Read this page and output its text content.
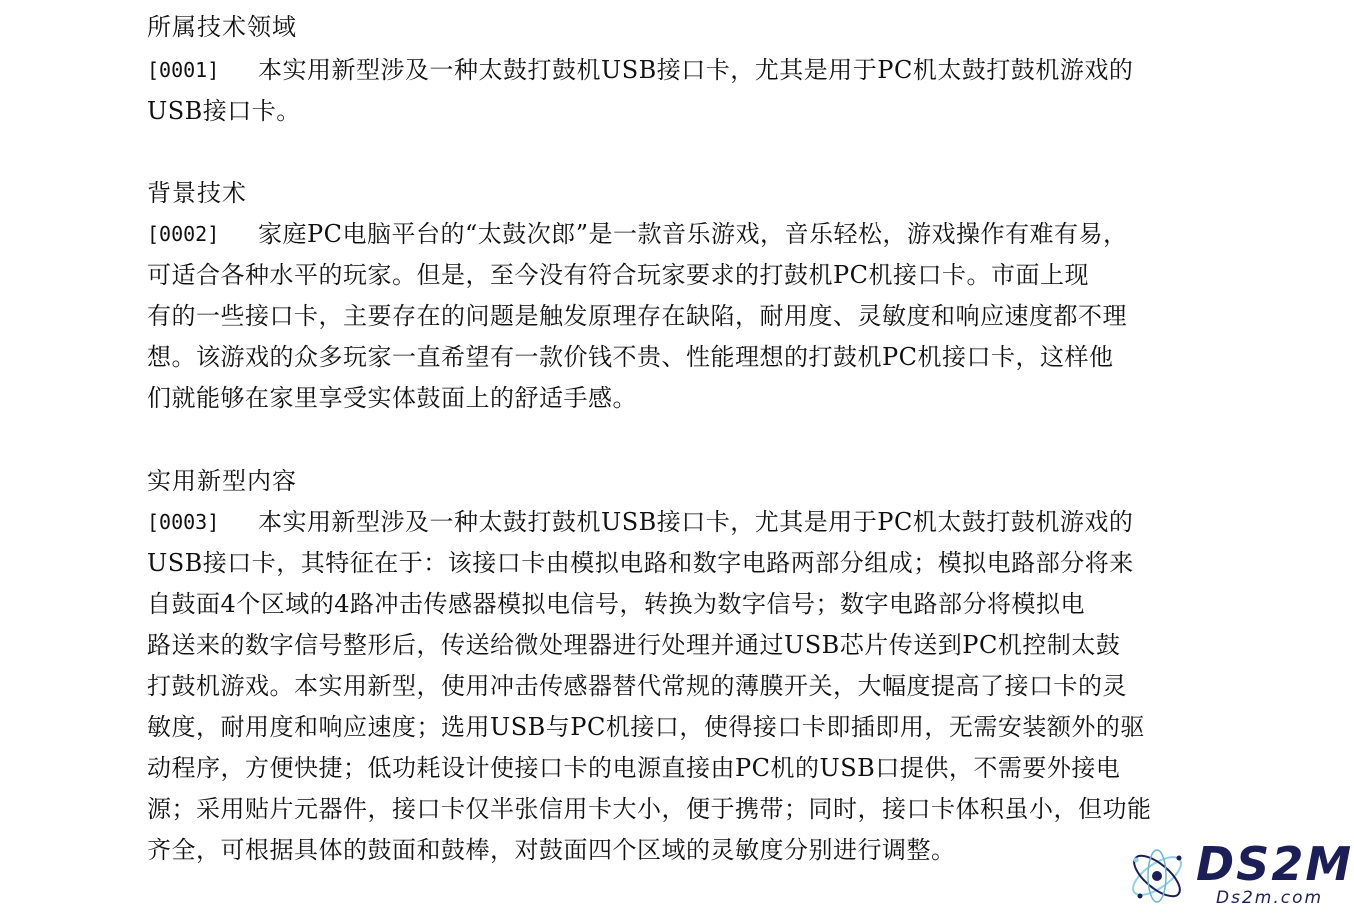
所属技术领域
[0001] 本实用新型涉及一种太鼓打鼓机USB接口卡，尤其是用于PC机太鼓打鼓机游戏的
USB接口卡。
背景技术
[0002] 家庭PC电脑平台的“太鼓次郎”是一款音乐游戏，音乐轻松，游戏操作有难有易，
可适合各种水平的玩家。但是，至今没有符合玩家要求的打鼓机PC机接口卡。市面上现
有的一些接口卡，主要存在的问题是触发原理存在缺陷，耐用度、灵敏度和响应速度都不理
想。该游戏的众多玩家一直希望有一款价钱不贵、性能理想的打鼓机PC机接口卡，这样他
们就能够在家里享受实体鼓面上的舒适手感。
实用新型内容
[0003] 本实用新型涉及一种太鼓打鼓机USB接口卡，尤其是用于PC机太鼓打鼓机游戏的
USB接口卡，其特征在于：该接口卡由模拟电路和数字电路两部分组成；模拟电路部分将来
自鼓面4个区域的4路冲击传感器模拟电信号，转换为数字信号；数字电路部分将模拟电
路送来的数字信号整形后，传送给微处理器进行处理并通过USB芯片传送到PC机控制太鼓
打鼓机游戏。本实用新型，使用冲击传感器替代常规的薄膜开关，大幅度提高了接口卡的灵
敏度，耐用度和响应速度；选用USB与PC机接口，使得接口卡即插即用，无需安装额外的驱
动程序，方便快捷；低功耗设计使接口卡的电源直接由PC机的USB口提供，不需要外接电
源；采用贴片元器件，接口卡仅半张信用卡大小，便于携带；同时，接口卡体积虽小，但功能
齐全，可根据具体的鼓面和鼓棒，对鼓面四个区域的灵敏度分别进行调整。	DS2M
Ds2m.com
